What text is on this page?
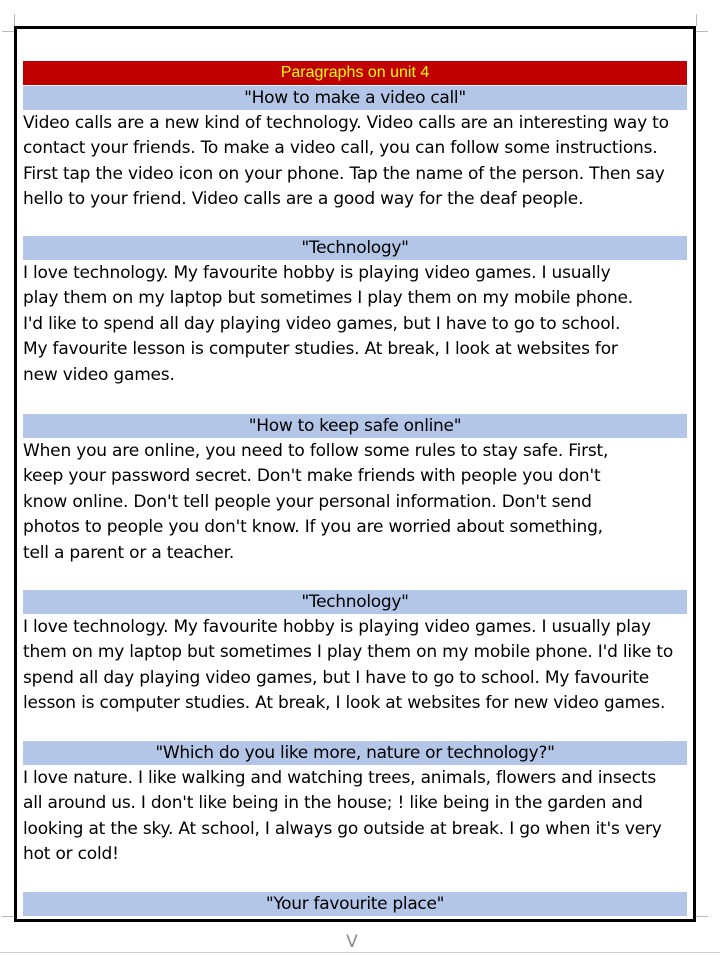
Paragraphs on unit 4
"How to make a video call"

Video calls are a new kind of technology. Video calls are an interesting way to
contact your friends. To make a video call, you can follow some instructions.
First tap the video icon on your phone. Tap the name of the person. Then say
hello to your friend. Video calls are a good way for the deaf people.

"Technology"

I love technology. My favourite hobby is playing video games. I usually
play them on my laptop but sometimes I play them on my mobile phone.
I'd like to spend all day playing video games, but I have to go to school.
My favourite lesson is computer studies. At break, I look at websites for
new video games.

"How to keep safe online"

When you are online, you need to follow some rules to stay safe. First,
keep your password secret. Don't make friends with people you don't
know online. Don't tell people your personal information. Don't send
photos to people you don't know. If you are worried about something,
tell a parent or a teacher.

"Technology"

I love technology. My favourite hobby is playing video games. I usually play
them on my laptop but sometimes I play them on my mobile phone. I'd like to
spend all day playing video games, but I have to go to school. My favourite
lesson is computer studies. At break, I look at websites for new video games.

"Which do you like more, nature or technology?"

I love nature. I like walking and watching trees, animals, flowers and insects
all around us. I don't like being in the house; ! like being in the garden and
looking at the sky. At school, I always go outside at break. I go when it's very
hot or cold!

"Your favourite place"
V
